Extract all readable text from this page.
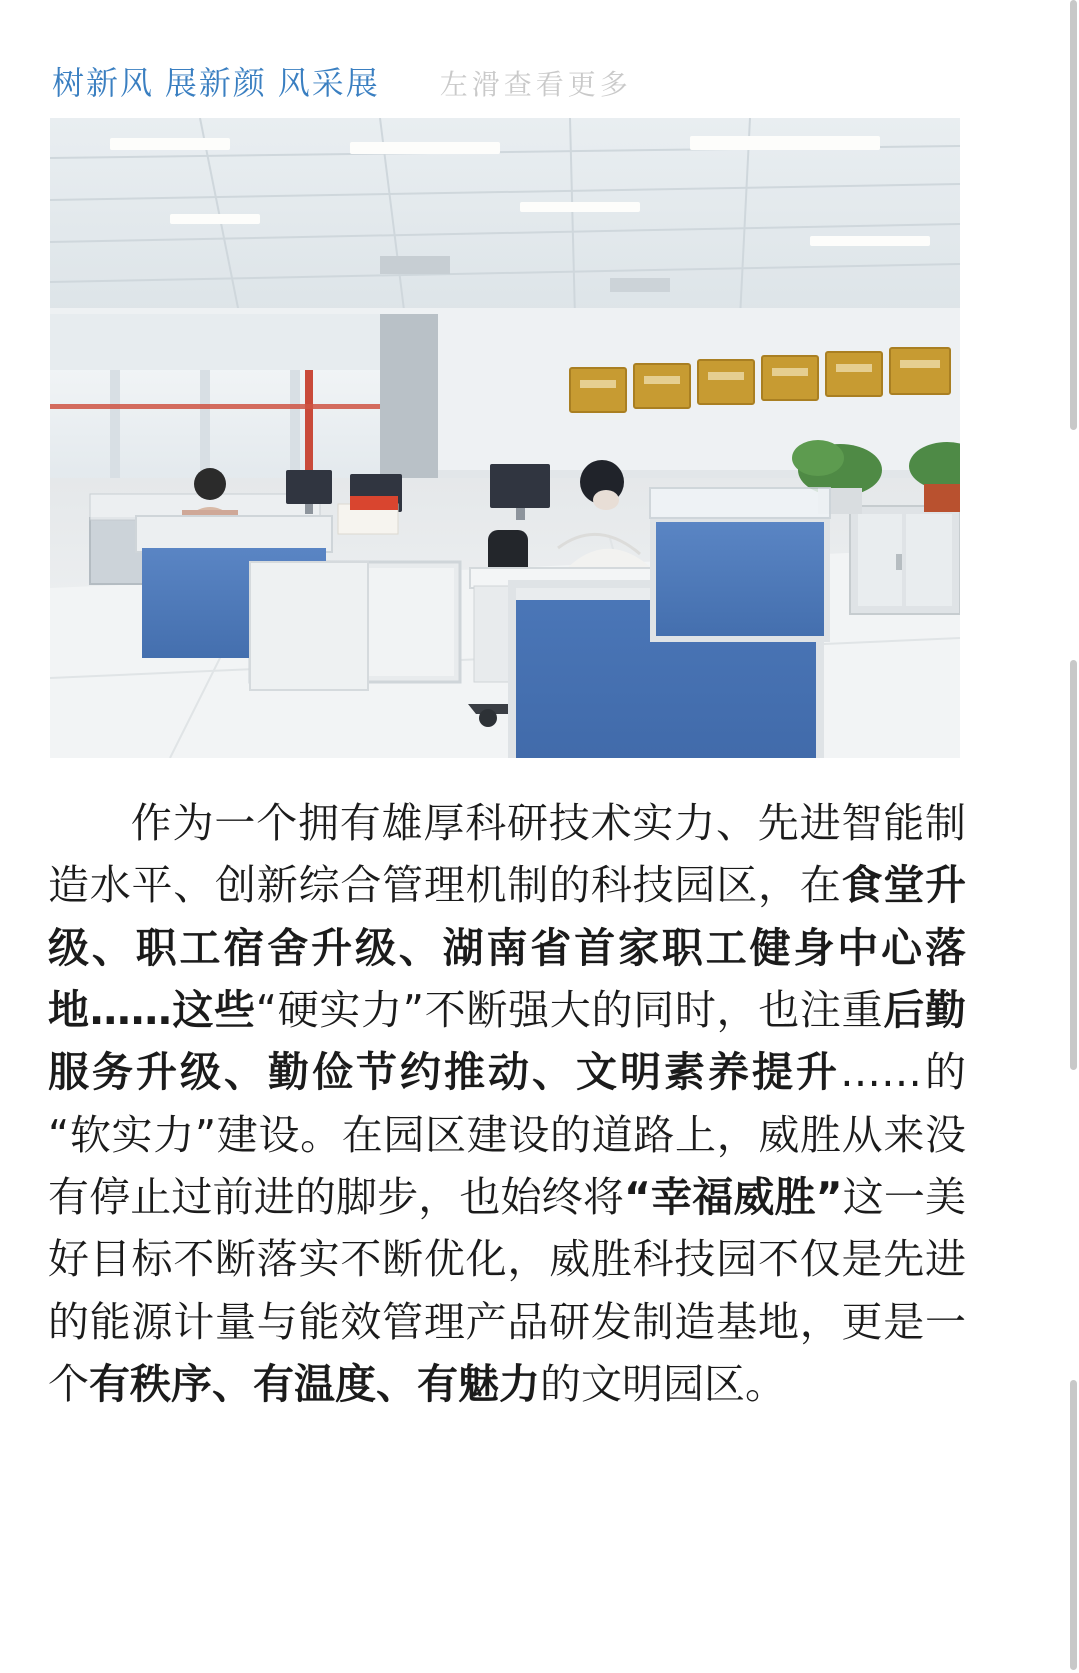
树新风 展新颜 风采展 左滑查看更多
作为一个拥有雄厚科研技术实力、先进智能制造水平、创新综合管理机制的科技园区，在食堂升级、职工宿舍升级、湖南省首家职工健身中心落地……这些“硬实力”不断强大的同时，也注重后勤服务升级、勤俭节约推动、文明素养提升……的“软实力”建设。在园区建设的道路上，威胜从来没有停止过前进的脚步，也始终将“幸福威胜”这一美好目标不断落实不断优化，威胜科技园不仅是先进的能源计量与能效管理产品研发制造基地，更是一个有秩序、有温度、有魅力的文明园区。
